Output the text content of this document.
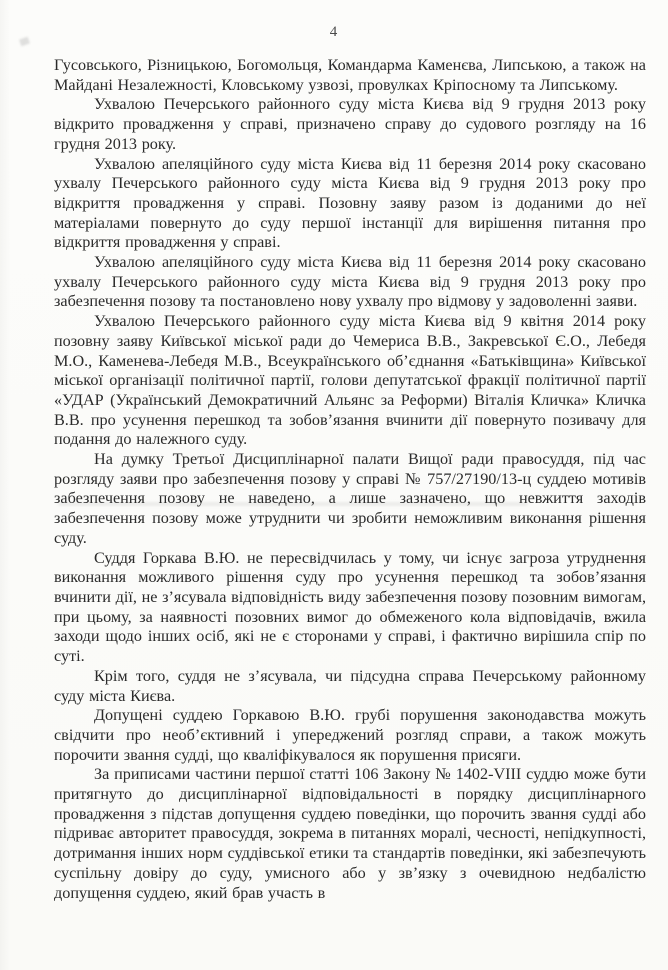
4

Гусовського, Різницькою, Богомольця, Командарма Каменєва, Липською, а також на Майдані Незалежності, Кловському узвозі, провулках Кріпосному та Липському.

Ухвалою Печерського районного суду міста Києва від 9 грудня 2013 року відкрито провадження у справі, призначено справу до судового розгляду на 16 грудня 2013 року.

Ухвалою апеляційного суду міста Києва від 11 березня 2014 року скасовано ухвалу Печерського районного суду міста Києва від 9 грудня 2013 року про відкриття провадження у справі. Позовну заяву разом із доданими до неї матеріалами повернуто до суду першої інстанції для вирішення питання про відкриття провадження у справі.

Ухвалою апеляційного суду міста Києва від 11 березня 2014 року скасовано ухвалу Печерського районного суду міста Києва від 9 грудня 2013 року про забезпечення позову та постановлено нову ухвалу про відмову у задоволенні заяви.

Ухвалою Печерського районного суду міста Києва від 9 квітня 2014 року позовну заяву Київської міської ради до Чемериса В.В., Закревської Є.О., Лебедя М.О., Каменева-Лебедя М.В., Всеукраїнського об’єднання «Батьківщина» Київської міської організації політичної партії, голови депутатської фракції політичної партії «УДАР (Український Демократичний Альянс за Реформи) Віталія Кличка» Кличка В.В. про усунення перешкод та зобов’язання вчинити дії повернуто позивачу для подання до належного суду.

На думку Третьої Дисциплінарної палати Вищої ради правосуддя, під час розгляду заяви про забезпечення позову у справі № 757/27190/13-ц суддею мотивів забезпечення позову не наведено, а лише зазначено, що невжиття заходів забезпечення позову може утруднити чи зробити неможливим виконання рішення суду.

Суддя Горкава В.Ю. не пересвідчилась у тому, чи існує загроза утруднення виконання можливого рішення суду про усунення перешкод та зобов’язання вчинити дії, не з’ясувала відповідність виду забезпечення позову позовним вимогам, при цьому, за наявності позовних вимог до обмеженого кола відповідачів, вжила заходи щодо інших осіб, які не є сторонами у справі, і фактично вирішила спір по суті.

Крім того, суддя не з’ясувала, чи підсудна справа Печерському районному суду міста Києва.

Допущені суддею Горкавою В.Ю. грубі порушення законодавства можуть свідчити про необ’єктивний і упереджений розгляд справи, а також можуть порочити звання судді, що кваліфікувалося як порушення присяги.

За приписами частини першої статті 106 Закону № 1402-VIII суддю може бути притягнуто до дисциплінарної відповідальності в порядку дисциплінарного провадження з підстав допущення суддею поведінки, що порочить звання судді або підриває авторитет правосуддя, зокрема в питаннях моралі, чесності, непідкупності, дотримання інших норм суддівської етики та стандартів поведінки, які забезпечують суспільну довіру до суду, умисного або у зв’язку з очевидною недбалістю допущення суддею, який брав участь в
